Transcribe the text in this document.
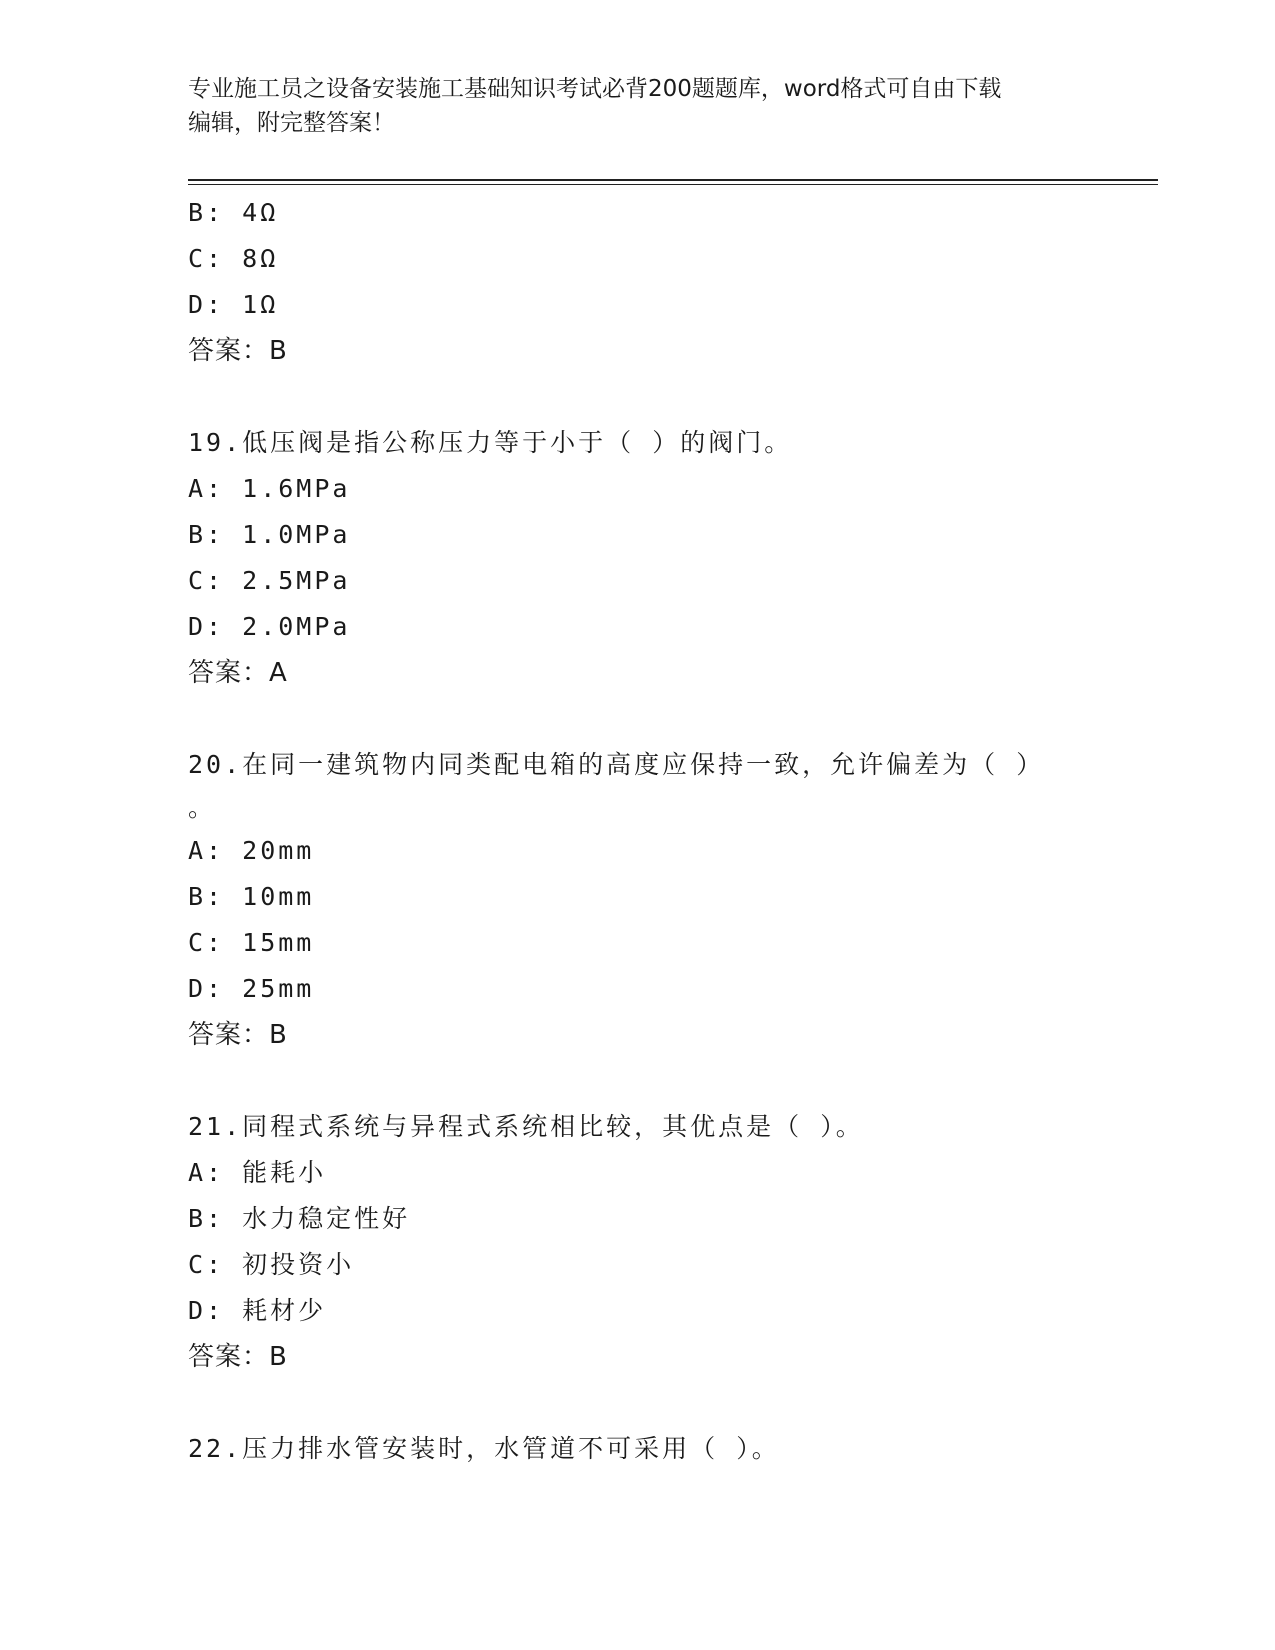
专业施工员之设备安装施工基础知识考试必背200题题库，word格式可自由下载
编辑，附完整答案！
B: 4Ω
C: 8Ω
D: 1Ω
答案：B
19.低压阀是指公称压力等于小于（ ）的阀门。
A: 1.6MPa
B: 1.0MPa
C: 2.5MPa
D: 2.0MPa
答案：A
20.在同一建筑物内同类配电箱的高度应保持一致，允许偏差为（ ）
。
A: 20mm
B: 10mm
C: 15mm
D: 25mm
答案：B
21.同程式系统与异程式系统相比较，其优点是（ ）。
A: 能耗小
B: 水力稳定性好
C: 初投资小
D: 耗材少
答案：B
22.压力排水管安装时，水管道不可采用（ ）。
